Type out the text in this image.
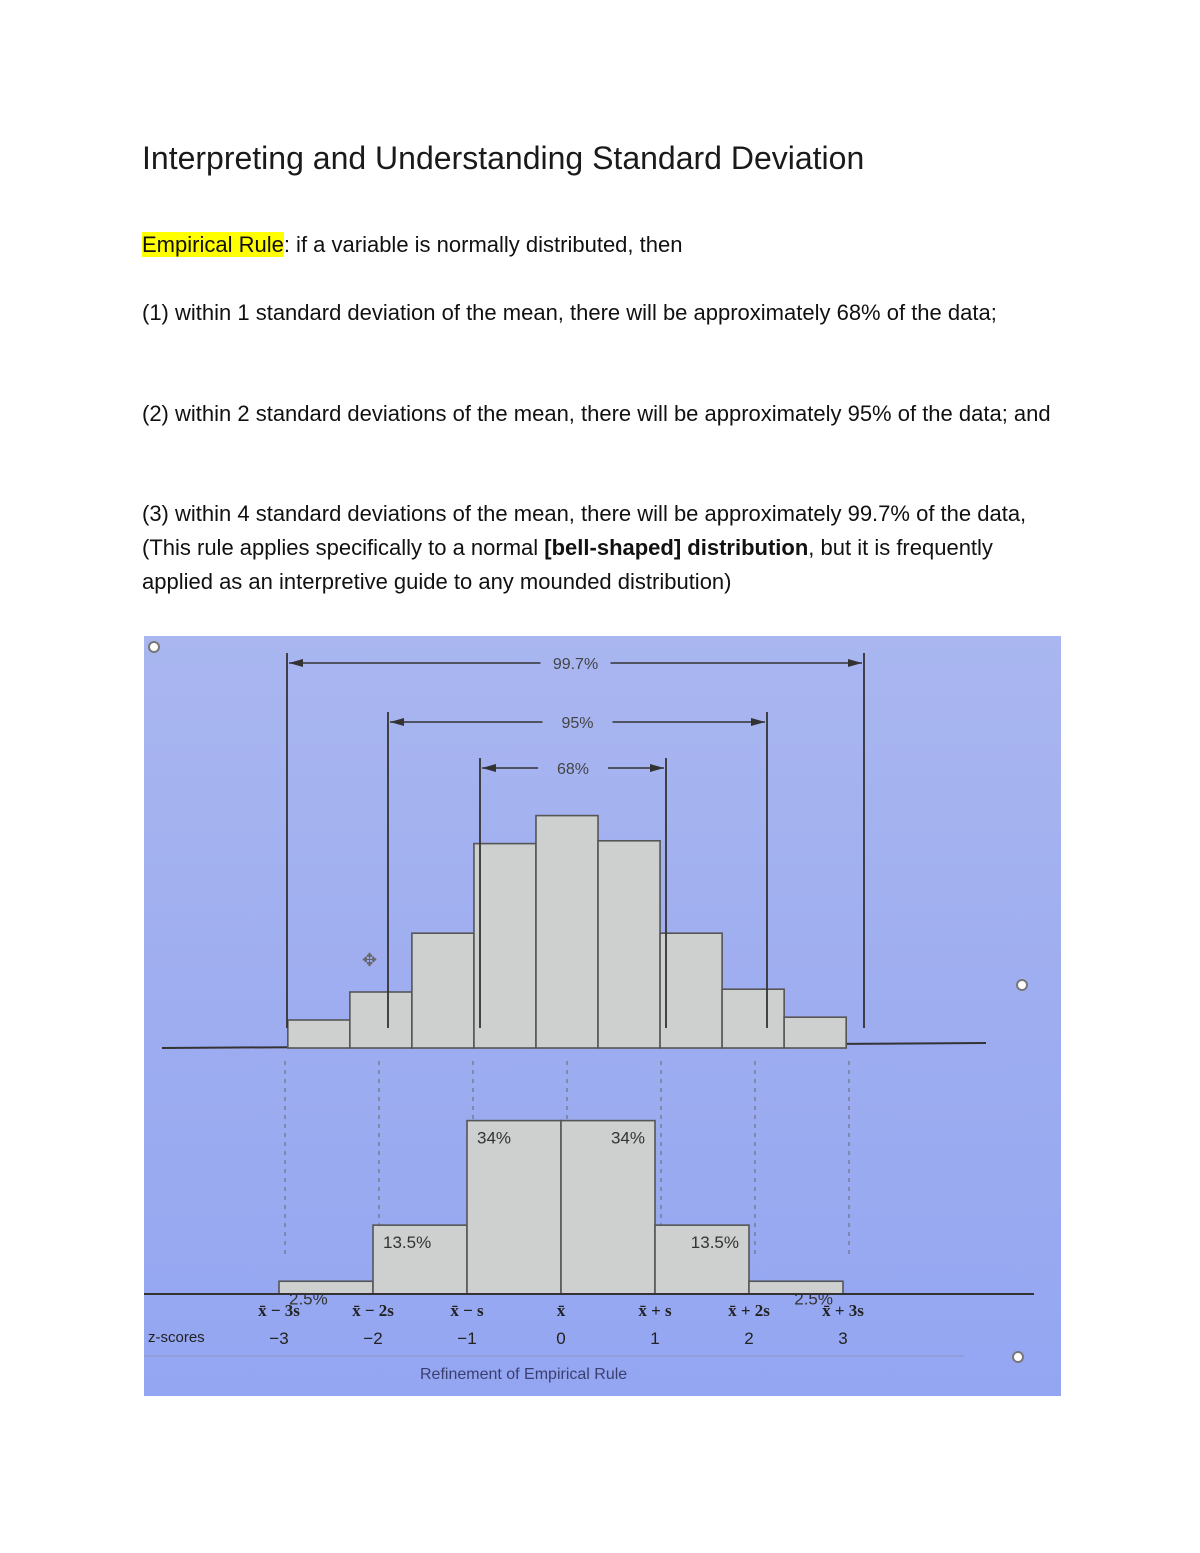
Interpreting and Understanding Standard Deviation

Empirical Rule: if a variable is normally distributed, then

(1) within 1 standard deviation of the mean, there will be approximately 68% of the data;

(2) within 2 standard deviations of the mean, there will be approximately 95% of the data; and

(3) within 4 standard deviations of the mean, there will be approximately 99.7% of the data, (This rule applies specifically to a normal [bell-shaped] distribution, but it is frequently applied as an interpretive guide to any mounded distribution)

99.7%
95%
68%
✥
2.5%
13.5%
34%	34%
13.5%
2.5%
x̄ − 3s	x̄ − 2s	x̄ − s	x̄	x̄ + s	x̄ + 2s	x̄ + 3s
z-scores	−3	−2	−1	0	1	2	3
Refinement of Empirical Rule
